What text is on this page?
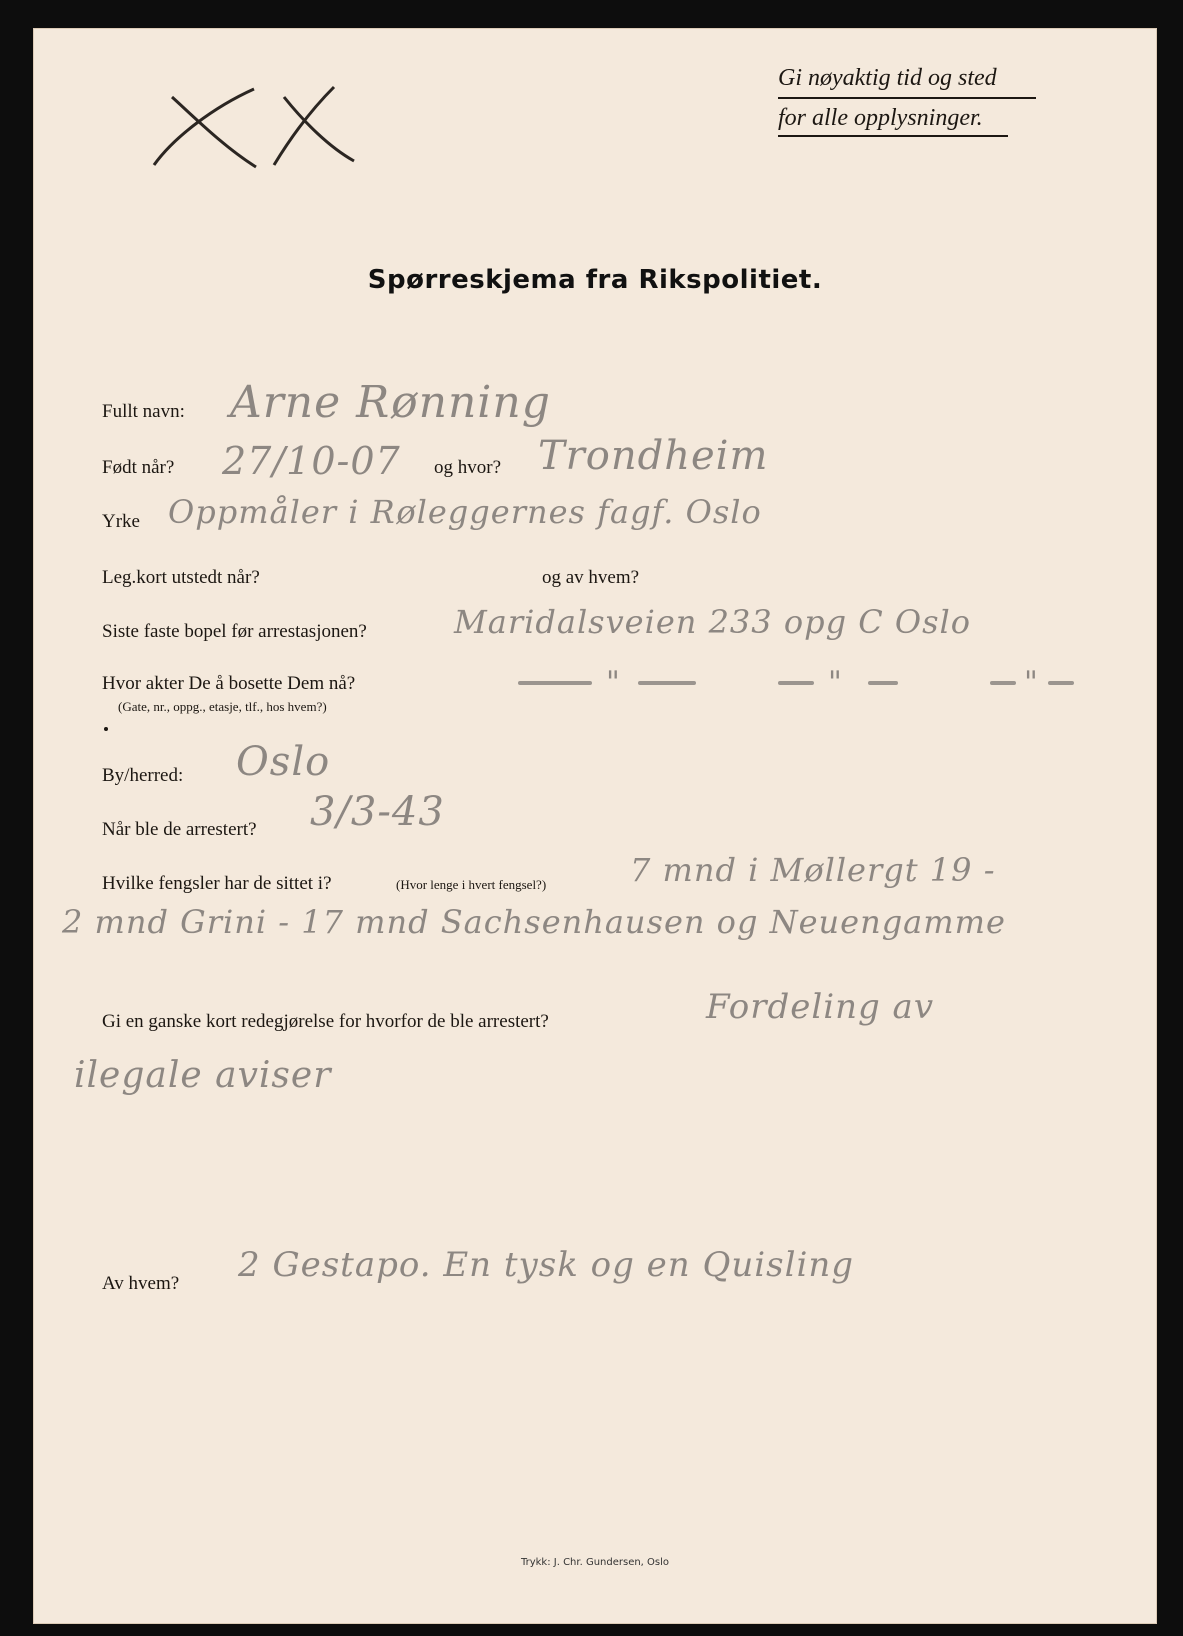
Gi nøyaktig tid og sted
for alle opplysninger.
Spørreskjema fra Rikspolitiet.
Fullt navn: Arne Rønning
Født når? 27/10-07 og hvor? Trondheim
Yrke Oppmåler i Røleggernes fagf. Oslo
Leg.kort utstedt når?	og av hvem?
Siste faste bopel før arrestasjonen?	Maridalsveien 233 opg C Oslo
Hvor akter De å bosette Dem nå?
(Gate, nr., oppg., etasje, tlf., hos hvem?)
"	"	"
By/herred: Oslo
Når ble de arrestert? 3/3-43
Hvilke fengsler har de sittet i?	(Hvor lenge i hvert fengsel?)	7 mnd i Møllergt 19 -
2 mnd Grini - 17 mnd Sachsenhausen og Neuengamme
Gi en ganske kort redegjørelse for hvorfor de ble arrestert?	Fordeling av
ilegale aviser
Av hvem? 2 Gestapo. En tysk og en Quisling
Trykk: J. Chr. Gundersen, Oslo
